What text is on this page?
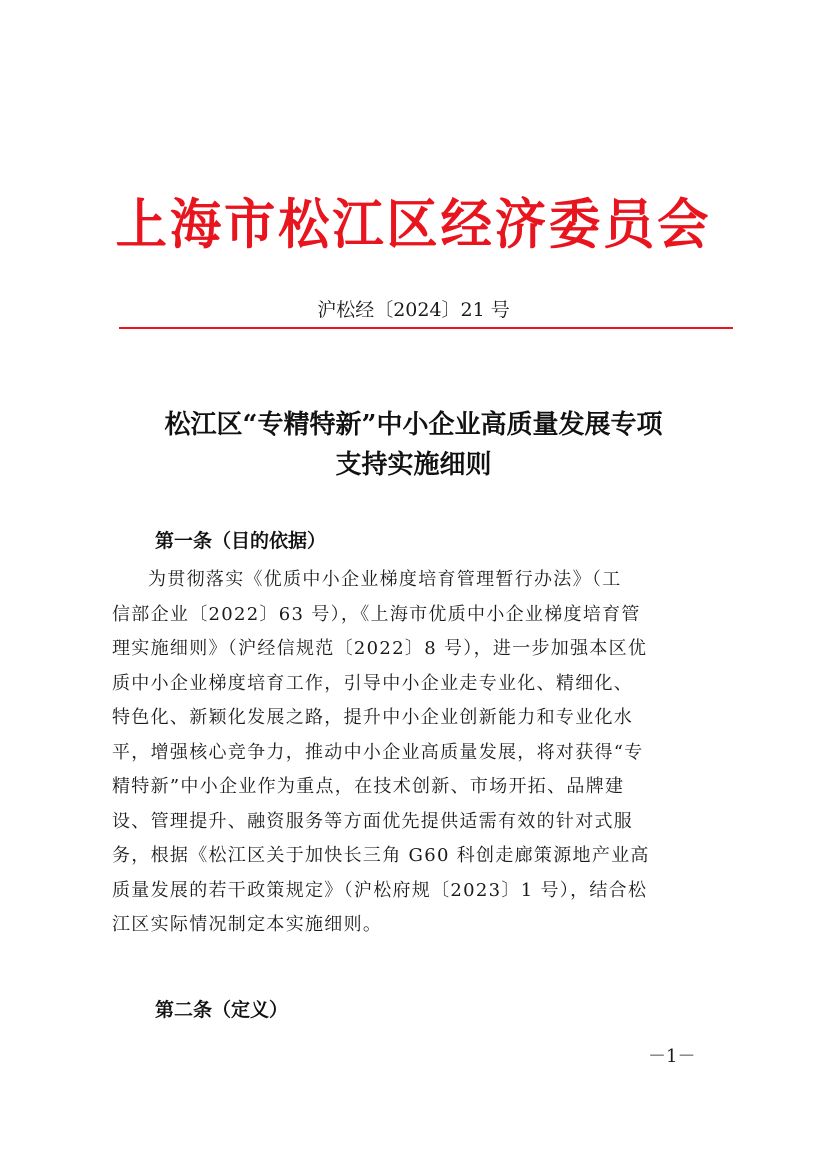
上海市松江区经济委员会
沪松经〔2024〕21 号
松江区“专精特新”中小企业高质量发展专项
支持实施细则
第一条（目的依据）
为贯彻落实《优质中小企业梯度培育管理暂行办法》（工
信部企业〔2022〕63 号），《上海市优质中小企业梯度培育管
理实施细则》（沪经信规范〔2022〕8 号），进一步加强本区优
质中小企业梯度培育工作，引导中小企业走专业化、精细化、
特色化、新颖化发展之路，提升中小企业创新能力和专业化水
平，增强核心竞争力，推动中小企业高质量发展，将对获得“专
精特新”中小企业作为重点，在技术创新、市场开拓、品牌建
设、管理提升、融资服务等方面优先提供适需有效的针对式服
务，根据《松江区关于加快长三角 G60 科创走廊策源地产业高
质量发展的若干政策规定》（沪松府规〔2023〕1 号），结合松
江区实际情况制定本实施细则。
第二条（定义）
－1－
